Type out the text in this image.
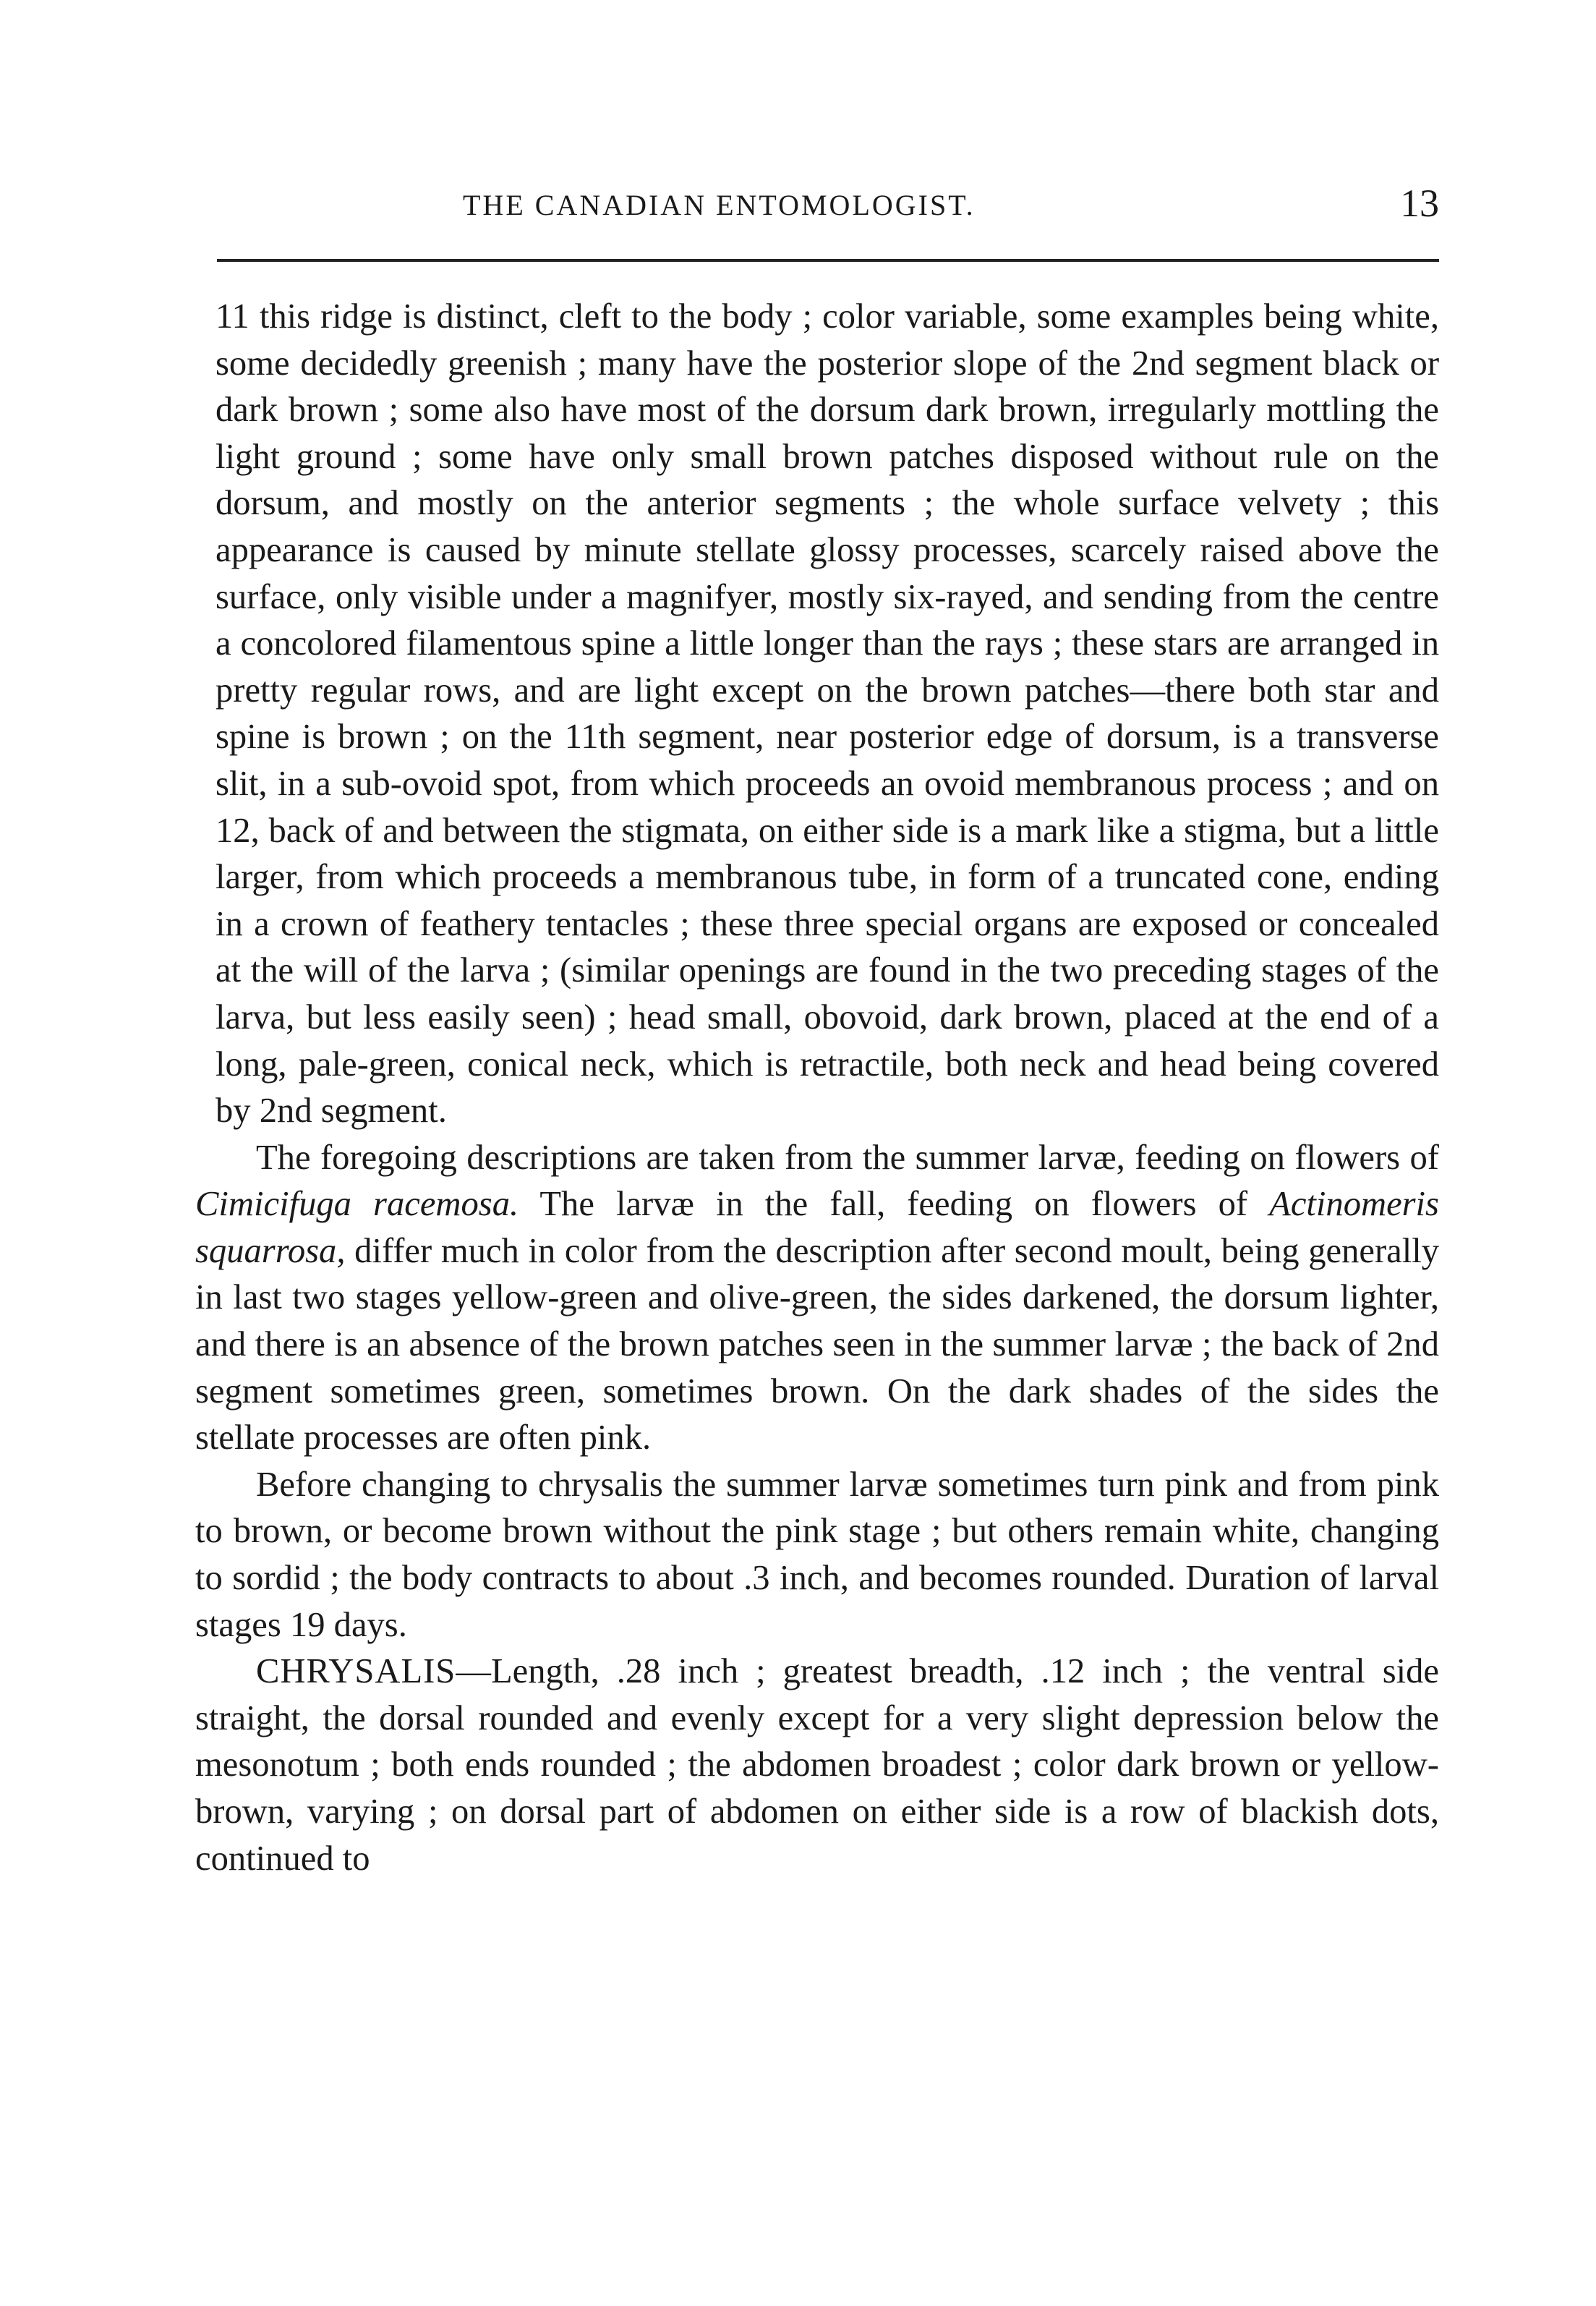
THE CANADIAN ENTOMOLOGIST.	13

11 this ridge is distinct, cleft to the body ; color variable, some examples being white, some decidedly greenish ; many have the posterior slope of the 2nd segment black or dark brown ; some also have most of the dorsum dark brown, irregularly mottling the light ground ; some have only small brown patches disposed without rule on the dorsum, and mostly on the anterior segments ; the whole surface velvety ; this appearance is caused by minute stellate glossy processes, scarcely raised above the surface, only visible under a magnifyer, mostly six-rayed, and sending from the centre a concolored filamentous spine a little longer than the rays ; these stars are arranged in pretty regular rows, and are light except on the brown patches—there both star and spine is brown ; on the 11th segment, near posterior edge of dorsum, is a transverse slit, in a sub-ovoid spot, from which proceeds an ovoid membranous process ; and on 12, back of and between the stigmata, on either side is a mark like a stigma, but a little larger, from which proceeds a membranous tube, in form of a truncated cone, ending in a crown of feathery tentacles ; these three special organs are exposed or concealed at the will of the larva ; (similar openings are found in the two preceding stages of the larva, but less easily seen) ; head small, obovoid, dark brown, placed at the end of a long, pale-green, conical neck, which is retractile, both neck and head being covered by 2nd segment.

The foregoing descriptions are taken from the summer larvæ, feeding on flowers of Cimicifuga racemosa. The larvæ in the fall, feeding on flowers of Actinomeris squarrosa, differ much in color from the description after second moult, being generally in last two stages yellow-green and olive-green, the sides darkened, the dorsum lighter, and there is an absence of the brown patches seen in the summer larvæ ; the back of 2nd segment sometimes green, sometimes brown. On the dark shades of the sides the stellate processes are often pink.

Before changing to chrysalis the summer larvæ sometimes turn pink and from pink to brown, or become brown without the pink stage ; but others remain white, changing to sordid ; the body contracts to about .3 inch, and becomes rounded. Duration of larval stages 19 days.

CHRYSALIS—Length, .28 inch ; greatest breadth, .12 inch ; the ventral side straight, the dorsal rounded and evenly except for a very slight depression below the mesonotum ; both ends rounded ; the abdomen broadest ; color dark brown or yellow-brown, varying ; on dorsal part of abdomen on either side is a row of blackish dots, continued to
